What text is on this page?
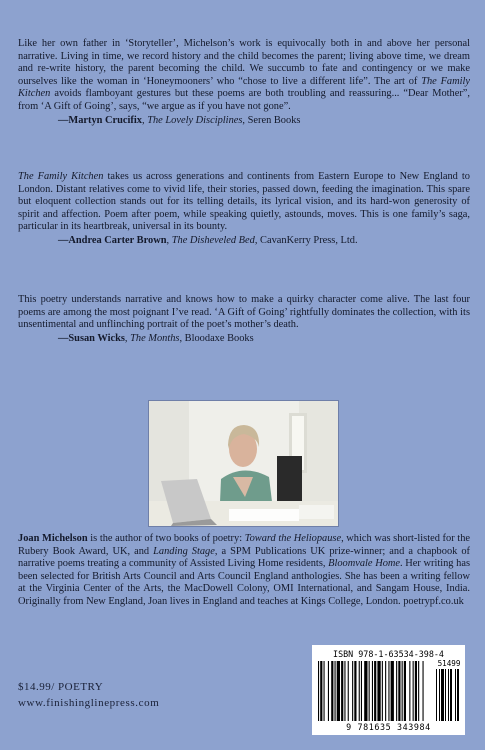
Like her own father in ‘Storyteller’, Michelson’s work is equivocally both in and above her personal narrative. Living in time, we record history and the child becomes the parent; living above time, we dream and re-write history, the parent becoming the child. We succumb to fate and contingency or we make ourselves like the woman in ‘Honeymooners’ who “chose to live a different life”. The art of The Family Kitchen avoids flamboyant gestures but these poems are both troubling and reassuring... “Dear Mother”, from ‘A Gift of Going’, says, “we argue as if you have not gone”.

—Martyn Crucifix, The Lovely Disciplines, Seren Books

The Family Kitchen takes us across generations and continents from Eastern Europe to New England to London. Distant relatives come to vivid life, their stories, passed down, feeding the imagination. This spare but eloquent collection stands out for its telling details, its lyrical vision, and its hard-won generosity of spirit and affection. Poem after poem, while speaking quietly, astounds, moves. This is one family’s saga, particular in its heartbreak, universal in its bounty.

—Andrea Carter Brown, The Disheveled Bed, CavanKerry Press, Ltd.

This poetry understands narrative and knows how to make a quirky character come alive. The last four poems are among the most poignant I’ve read. ‘A Gift of Going’ rightfully dominates the collection, with its unsentimental and unflinching portrait of the poet’s mother’s death.

—Susan Wicks, The Months, Bloodaxe Books

Joan Michelson is the author of two books of poetry: Toward the Heliopause, which was short-listed for the Rubery Book Award, UK, and Landing Stage, a SPM Publications UK prize-winner; and a chapbook of narrative poems treating a community of Assisted Living Home residents, Bloomvale Home. Her writing has been selected for British Arts Council and Arts Council England anthologies. She has been a writing fellow at the Virginia Center of the Arts, the MacDowell Colony, OMI International, and Sangam House, India. Originally from New England, Joan lives in England and teaches at Kings College, London. poetrypf.co.uk

$14.99/ POETRY
www.finishinglinepress.com
ISBN 978-1-63534-398-4
51499
9 781635 343984
